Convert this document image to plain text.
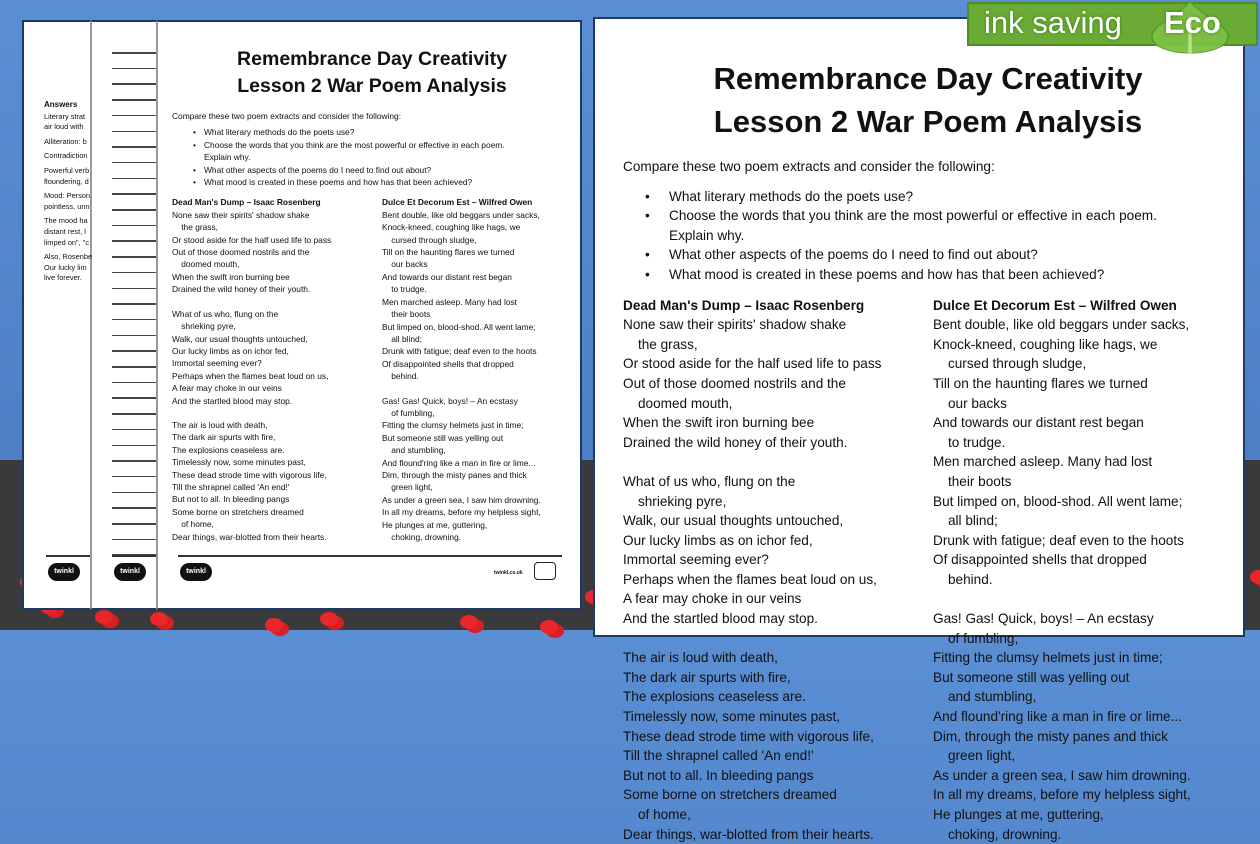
twinkl	twinkl
Answers

Literary strat
air loud with

Alliteration: b

Contradiction

Powerful verb
floundering, d

Mood: Person
pointless, unn

The mood ha
distant rest, l
limped on", "c

Also, Rosenbe
Our lucky lim
live forever.

twinkl	twinkl.co.uk
Remembrance Day Creativity
Lesson 2 War Poem Analysis
Compare these two poem extracts and consider the following:
• What literary methods do the poets use?
• Choose the words that you think are the most powerful or effective in each poem.
Explain why.
• What other aspects of the poems do I need to find out about?
• What mood is created in these poems and how has that been achieved?
Dead Man's Dump – Isaac Rosenberg
None saw their spirits' shadow shake
the grass,
Or stood aside for the half used life to pass
Out of those doomed nostrils and the
doomed mouth,
When the swift iron burning bee
Drained the wild honey of their youth.
What of us who, flung on the
shrieking pyre,
Walk, our usual thoughts untouched,
Our lucky limbs as on ichor fed,
Immortal seeming ever?
Perhaps when the flames beat loud on us,
A fear may choke in our veins
And the startled blood may stop.
The air is loud with death,
The dark air spurts with fire,
The explosions ceaseless are.
Timelessly now, some minutes past,
These dead strode time with vigorous life,
Till the shrapnel called 'An end!'
But not to all. In bleeding pangs
Some borne on stretchers dreamed
of home,
Dear things, war-blotted from their hearts.
Dulce Et Decorum Est – Wilfred Owen
Bent double, like old beggars under sacks,
Knock-kneed, coughing like hags, we
cursed through sludge,
Till on the haunting flares we turned
our backs
And towards our distant rest began
to trudge.
Men marched asleep. Many had lost
their boots
But limped on, blood-shod. All went lame;
all blind;
Drunk with fatigue; deaf even to the hoots
Of disappointed shells that dropped
behind.
Gas! Gas! Quick, boys! – An ecstasy
of fumbling,
Fitting the clumsy helmets just in time;
But someone still was yelling out
and stumbling,
And flound'ring like a man in fire or lime...
Dim, through the misty panes and thick
green light,
As under a green sea, I saw him drowning.
In all my dreams, before my helpless sight,
He plunges at me, guttering,
choking, drowning.
Remembrance Day Creativity
Lesson 2 War Poem Analysis
Compare these two poem extracts and consider the following:
• What literary methods do the poets use?
• Choose the words that you think are the most powerful or effective in each poem.
Explain why.
• What other aspects of the poems do I need to find out about?
• What mood is created in these poems and how has that been achieved?
Dead Man's Dump – Isaac Rosenberg
None saw their spirits' shadow shake
the grass,
Or stood aside for the half used life to pass
Out of those doomed nostrils and the
doomed mouth,
When the swift iron burning bee
Drained the wild honey of their youth.
What of us who, flung on the
shrieking pyre,
Walk, our usual thoughts untouched,
Our lucky limbs as on ichor fed,
Immortal seeming ever?
Perhaps when the flames beat loud on us,
A fear may choke in our veins
And the startled blood may stop.
The air is loud with death,
The dark air spurts with fire,
The explosions ceaseless are.
Timelessly now, some minutes past,
These dead strode time with vigorous life,
Till the shrapnel called 'An end!'
But not to all. In bleeding pangs
Some borne on stretchers dreamed
of home,
Dear things, war-blotted from their hearts.
Dulce Et Decorum Est – Wilfred Owen
Bent double, like old beggars under sacks,
Knock-kneed, coughing like hags, we
cursed through sludge,
Till on the haunting flares we turned
our backs
And towards our distant rest began
to trudge.
Men marched asleep. Many had lost
their boots
But limped on, blood-shod. All went lame;
all blind;
Drunk with fatigue; deaf even to the hoots
Of disappointed shells that dropped
behind.
Gas! Gas! Quick, boys! – An ecstasy
of fumbling,
Fitting the clumsy helmets just in time;
But someone still was yelling out
and stumbling,
And flound'ring like a man in fire or lime...
Dim, through the misty panes and thick
green light,
As under a green sea, I saw him drowning.
In all my dreams, before my helpless sight,
He plunges at me, guttering,
choking, drowning.
ink saving Eco
